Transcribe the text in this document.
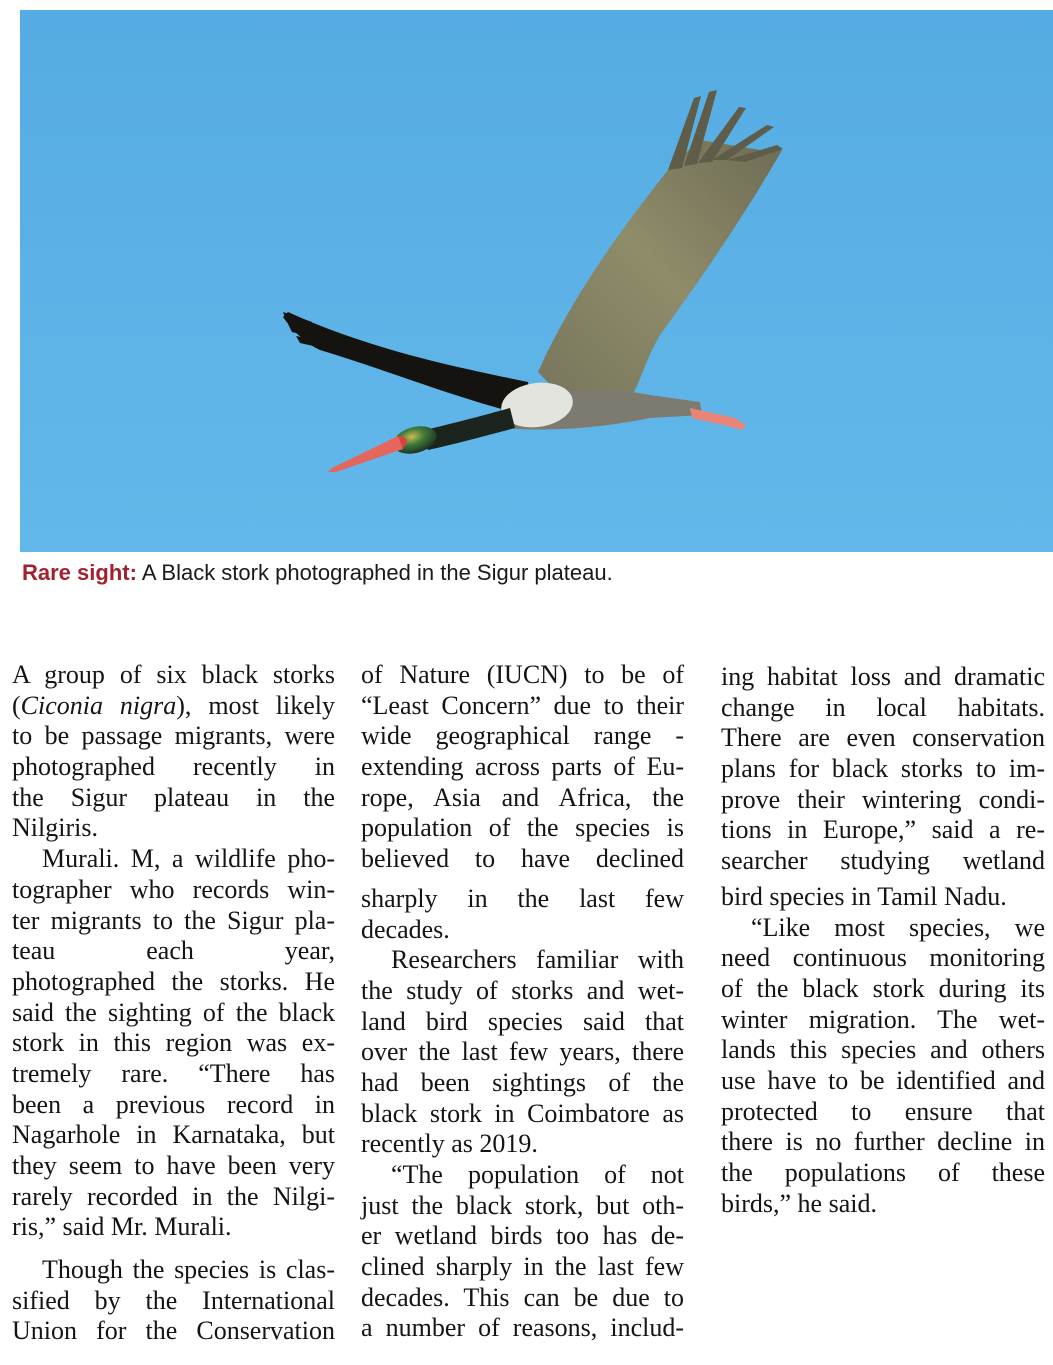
Rare sight: A Black stork photographed in the Sigur plateau.
A group of six black storks
(Ciconia nigra), most likely
to be passage migrants, were
photographed recently in
the Sigur plateau in the
Nilgiris.
Murali. M, a wildlife pho-
tographer who records win-
ter migrants to the Sigur pla-
teau each year,
photographed the storks. He
said the sighting of the black
stork in this region was ex-
tremely rare. “There has
been a previous record in
Nagarhole in Karnataka, but
they seem to have been very
rarely recorded in the Nilgi-
ris,” said Mr. Murali.
Though the species is clas-
sified by the International
Union for the Conservation
of Nature (IUCN) to be of
“Least Concern” due to their
wide geographical range -
extending across parts of Eu-
rope, Asia and Africa, the
population of the species is
believed to have declined
sharply in the last few
decades.
Researchers familiar with
the study of storks and wet-
land bird species said that
over the last few years, there
had been sightings of the
black stork in Coimbatore as
recently as 2019.
“The population of not
just the black stork, but oth-
er wetland birds too has de-
clined sharply in the last few
decades. This can be due to
a number of reasons, includ-
ing habitat loss and dramatic
change in local habitats.
There are even conservation
plans for black storks to im-
prove their wintering condi-
tions in Europe,” said a re-
searcher studying wetland
bird species in Tamil Nadu.
“Like most species, we
need continuous monitoring
of the black stork during its
winter migration. The wet-
lands this species and others
use have to be identified and
protected to ensure that
there is no further decline in
the populations of these
birds,” he said.
